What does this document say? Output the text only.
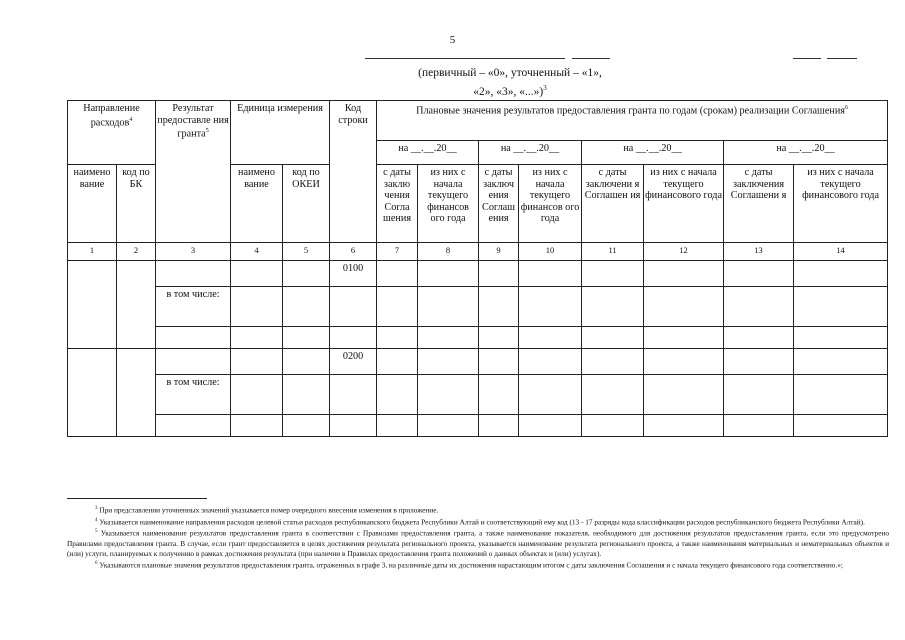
5
(первичный – «0», уточненный – «1»,
«2», «3», «...»)$^3$
Направление расходов$^4$		Результат предоставле ния гранта$^5$	Единица измерения		Код строки	Плановые значения результатов предоставления гранта по годам (срокам) реализации Соглашения$^6$
						на __.__.20__		на __.__.20__		на __.__.20__		на __.__.20__	
наимено вание	код по БК		наимено вание	код по ОКЕИ		с даты заклю чения Согла шения	из них с начала текущего финансов ого года	с даты заключ ения Соглаш ения	из них с начала текущего финансов ого года	с даты заключени я Соглашен ия	из них с начала текущего финансового года	с даты заключения Соглашени я	из них с начала текущего финансового года
1	2	3	4	5	6	7	8	9	10	11	12	13	14
					0100								
		в том числе:											

					0200								
		в том числе:											

$^3$ При представлении уточненных значений указывается номер очередного внесения изменения в приложение.

$^4$ Указывается наименование направления расходов целевой статьи расходов республиканского бюджета Республики Алтай и соответствующий ему код (13 - 17 разряды кода классификации расходов республиканского бюджета Республики Алтай).

$^5$ Указывается наименование результатов предоставления гранта в соответствии с Правилами предоставления гранта, а также наименование показателя, необходимого для достижения результатов предоставления гранта, если это предусмотрено Правилами предоставления гранта. В случае, если грант предоставляется в целях достижения результата регионального проекта, указывается наименование результата регионального проекта, а также наименования материальных и нематериальных объектов и (или) услуги, планируемых к получению в рамках достижения результата (при наличии в Правилах предоставления гранта положений о данных объектах и (или) услугах).

$^6$ Указываются плановые значения результатов предоставления гранта, отраженных в графе 3, на различные даты их достижения нарастающим итогом с даты заключения Соглашения и с начала текущего финансового года соответственно.»;
